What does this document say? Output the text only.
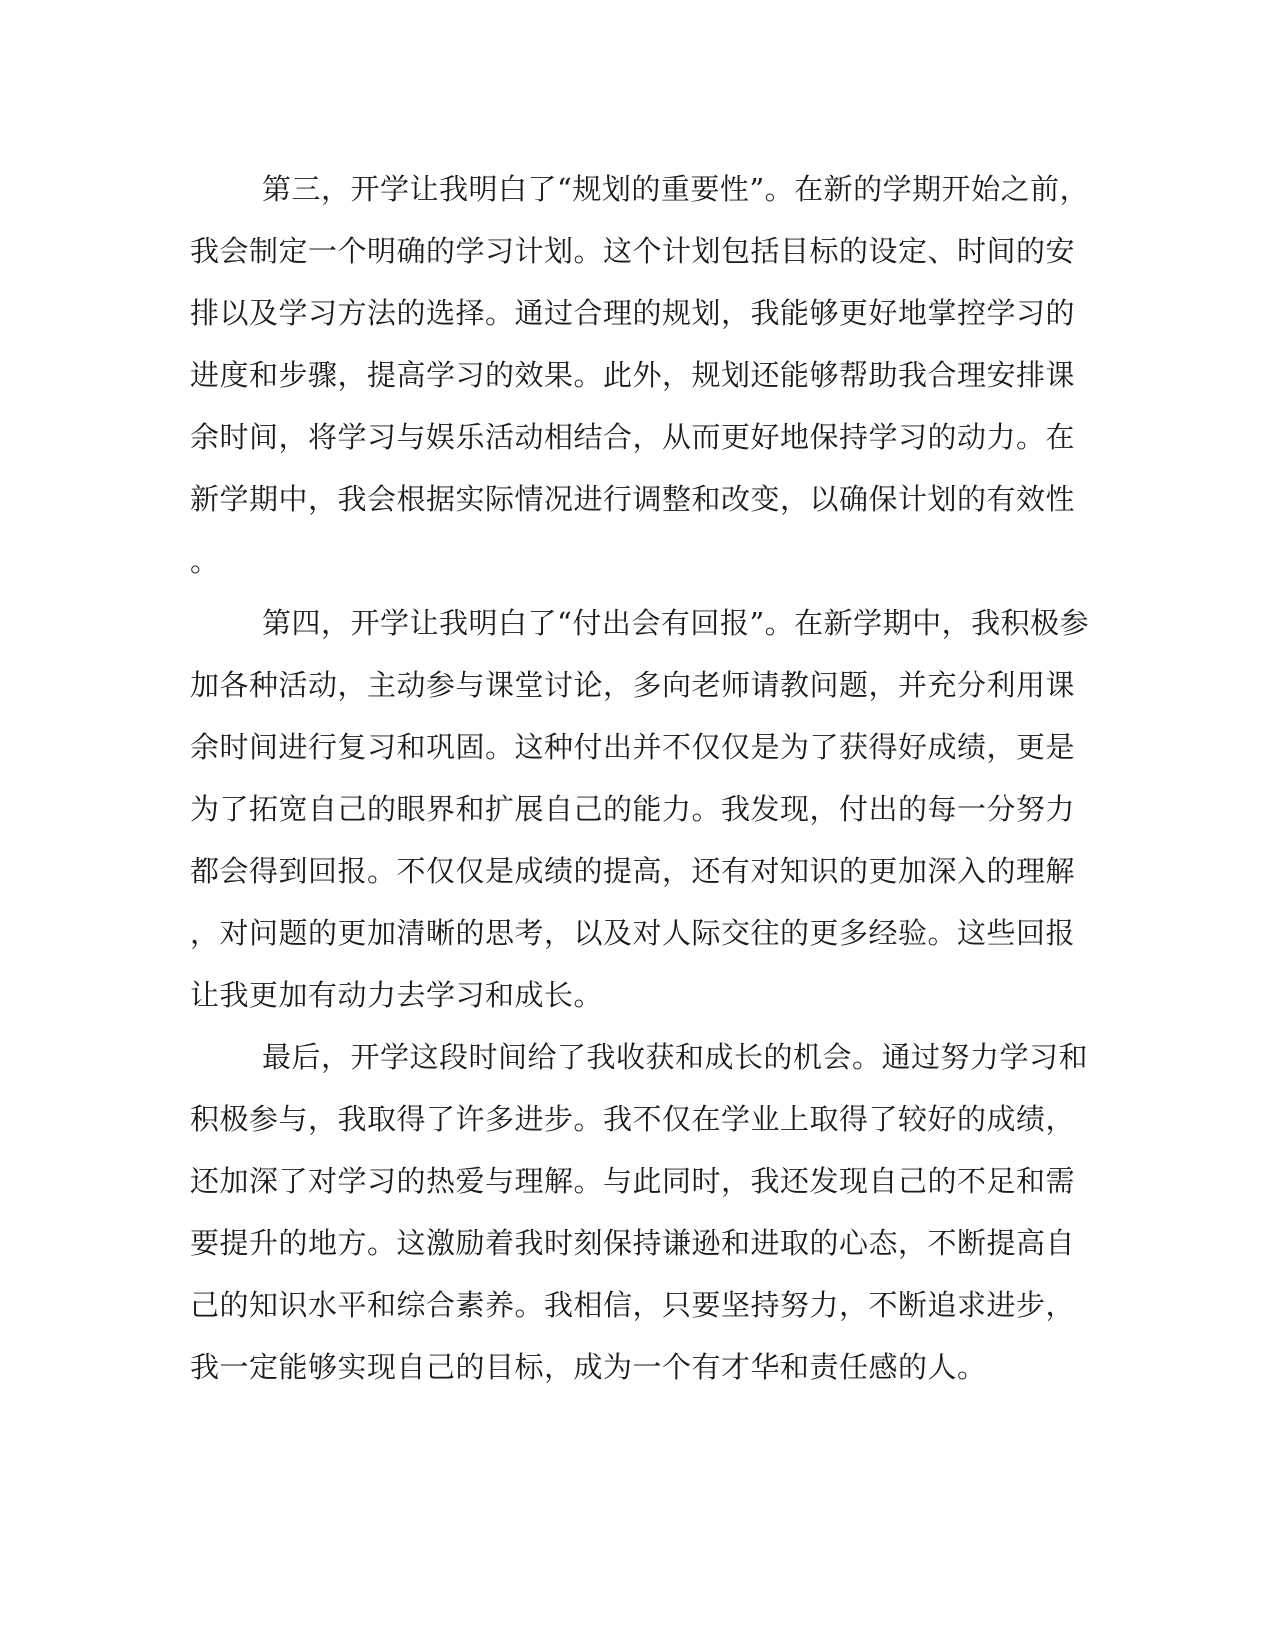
第三，开学让我明白了“规划的重要性”。在新的学期开始之前，
我会制定一个明确的学习计划。这个计划包括目标的设定、时间的安
排以及学习方法的选择。通过合理的规划，我能够更好地掌控学习的
进度和步骤，提高学习的效果。此外，规划还能够帮助我合理安排课
余时间，将学习与娱乐活动相结合，从而更好地保持学习的动力。在
新学期中，我会根据实际情况进行调整和改变，以确保计划的有效性
。
第四，开学让我明白了“付出会有回报”。在新学期中，我积极参
加各种活动，主动参与课堂讨论，多向老师请教问题，并充分利用课
余时间进行复习和巩固。这种付出并不仅仅是为了获得好成绩，更是
为了拓宽自己的眼界和扩展自己的能力。我发现，付出的每一分努力
都会得到回报。不仅仅是成绩的提高，还有对知识的更加深入的理解
，对问题的更加清晰的思考，以及对人际交往的更多经验。这些回报
让我更加有动力去学习和成长。
最后，开学这段时间给了我收获和成长的机会。通过努力学习和
积极参与，我取得了许多进步。我不仅在学业上取得了较好的成绩，
还加深了对学习的热爱与理解。与此同时，我还发现自己的不足和需
要提升的地方。这激励着我时刻保持谦逊和进取的心态，不断提高自
己的知识水平和综合素养。我相信，只要坚持努力，不断追求进步，
我一定能够实现自己的目标，成为一个有才华和责任感的人。
